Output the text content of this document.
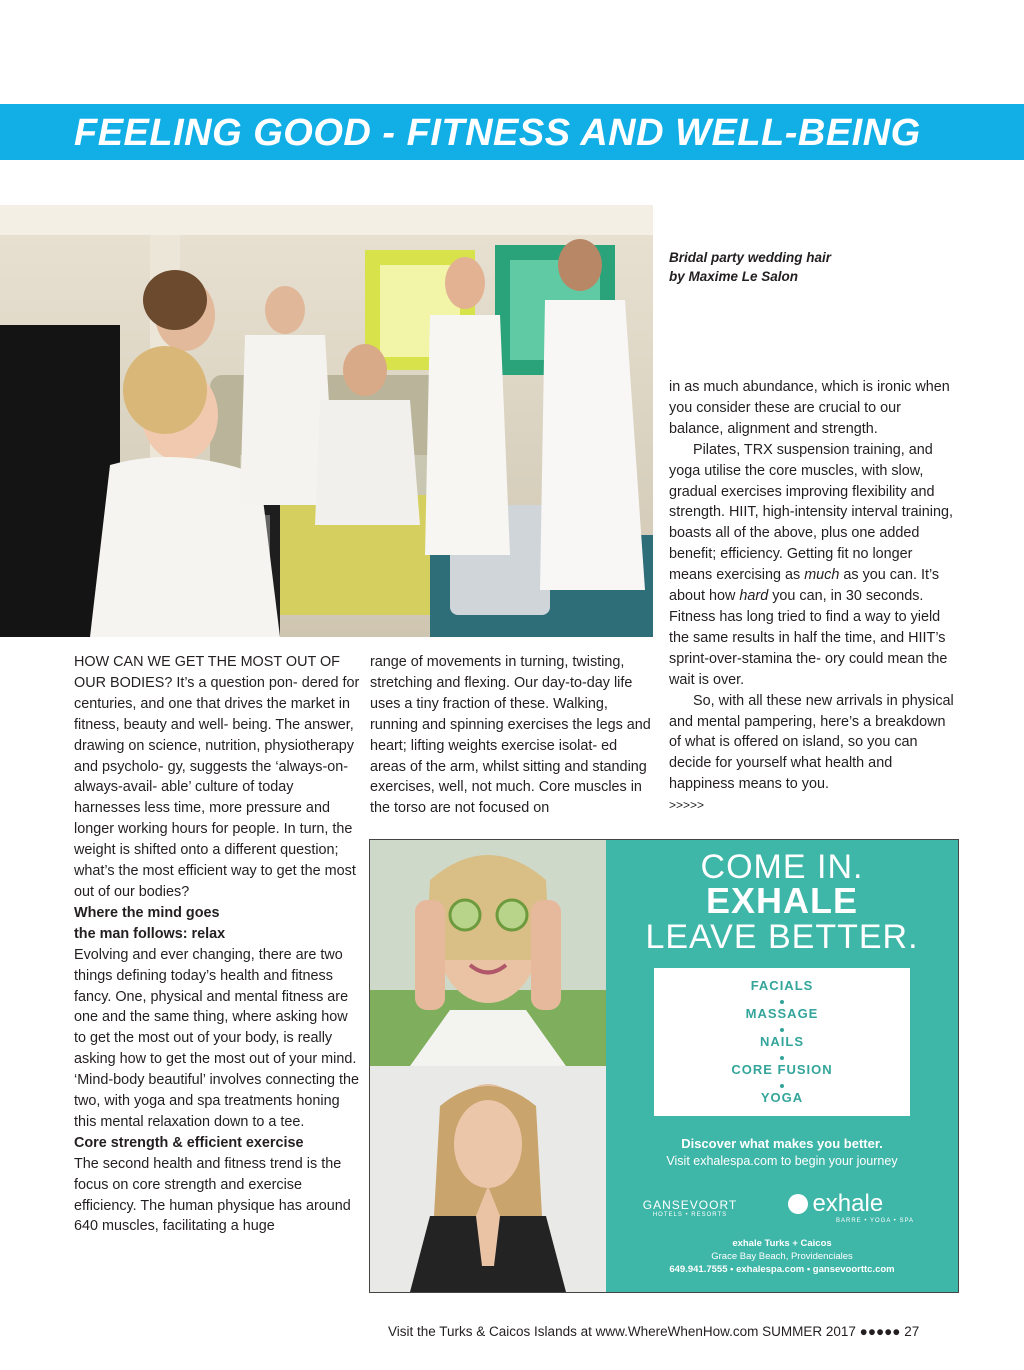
FEELING GOOD - FITNESS AND WELL-BEING
Bridal party wedding hair
by Maxime Le Salon

HOW CAN WE GET THE MOST OUT OF OUR BODIES? It’s a question pon- dered for centuries, and one that drives the market in fitness, beauty and well- being. The answer, drawing on science, nutrition, physiotherapy and psycholo- gy, suggests the ‘always-on-always-avail- able’ culture of today harnesses less time, more pressure and longer working hours for people. In turn, the weight is shifted onto a different question; what’s the most efficient way to get the most out of our bodies?

Where the mind goes

the man follows: relax

Evolving and ever changing, there are two things defining today’s health and fitness fancy. One, physical and mental fitness are one and the same thing, where asking how to get the most out of your body, is really asking how to get the most out of your mind. ‘Mind-body beautiful’ involves connecting the two, with yoga and spa treatments honing this mental relaxation down to a tee.

Core strength & efficient exercise

The second health and fitness trend is the focus on core strength and exercise efficiency. The human physique has around 640 muscles, facilitating a huge

range of movements in turning, twisting, stretching and flexing. Our day-to-day life uses a tiny fraction of these. Walking, running and spinning exercises the legs and heart; lifting weights exercise isolat- ed areas of the arm, whilst sitting and standing exercises, well, not much. Core muscles in the torso are not focused on

in as much abundance, which is ironic when you consider these are crucial to our balance, alignment and strength.

Pilates, TRX suspension training, and yoga utilise the core muscles, with slow, gradual exercises improving flexibility and strength. HIIT, high-intensity interval training, boasts all of the above, plus one added benefit; efficiency. Getting fit no longer means exercising as much as you can. It’s about how hard you can, in 30 seconds. Fitness has long tried to find a way to yield the same results in half the time, and HIIT’s sprint-over-stamina the- ory could mean the wait is over.

So, with all these new arrivals in physical and mental pampering, here’s a breakdown of what is offered on island, so you can decide for yourself what health and happiness means to you.>>>>>

COME IN.
EXHALE
LEAVE BETTER.
FACIALS
MASSAGE
NAILS
CORE FUSION
YOGA
Discover what makes you better.
Visit exhalespa.com to begin your journey
GANSEVOORT
HOTELS • RESORTS	exhale
BARRE • YOGA • SPA
exhale Turks + Caicos
Grace Bay Beach, Providenciales
649.941.7555 • exhalespa.com • gansevoorttc.com
Visit the Turks & Caicos Islands at www.WhereWhenHow.com SUMMER 2017 ●●●●● 27
